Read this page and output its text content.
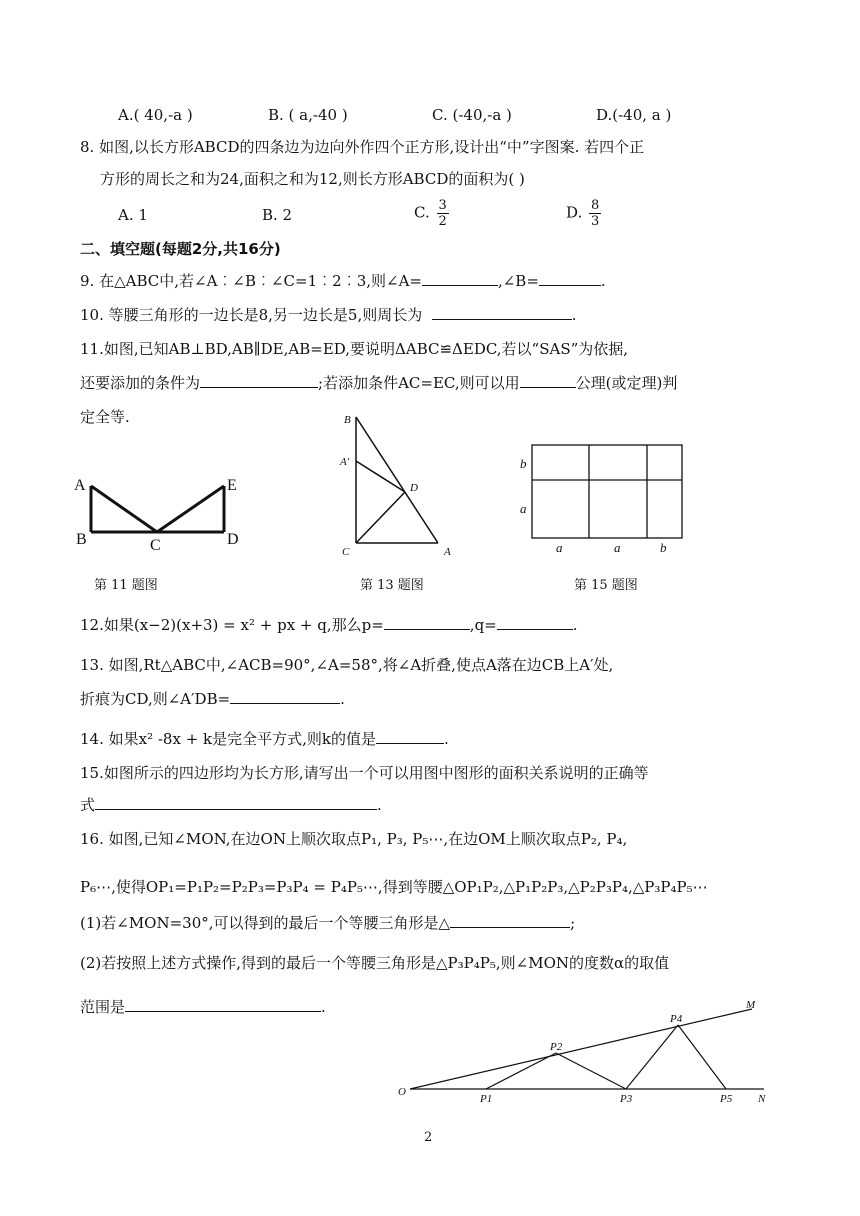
A.( 40,-a )	B. ( a,-40 )	C. (-40,-a )	D.(-40, a )
8. 如图,以长方形ABCD的四条边为边向外作四个正方形,设计出“中”字图案. 若四个正
方形的周长之和为24,面积之和为12,则长方形ABCD的面积为( )
A. 1	B. 2	C. $\frac{3}{2}$	D. $\frac{8}{3}$
二、填空题(每题2分,共16分)
9. 在△ABC中,若∠A︰∠B︰∠C=1︰2︰3,则∠A=	,∠B=	.
10. 等腰三角形的一边长是8,另一边长是5,则周长为	.
11.如图,已知AB⊥BD,AB∥DE,AB=ED,要说明ΔABC≌ΔEDC,若以“SAS”为依据,
还要添加的条件为	;若添加条件AC=EC,则可以用	公理(或定理)判
定全等.
A
B	C	D
E
第 11 题图
B
A'
D
C	A
第 13 题图
b
a
a	a	b
第 15 题图
12.如果(x−2)(x+3) = x² + px + q,那么p=	,q=	.
13. 如图,Rt△ABC中,∠ACB=90°,∠A=58°,将∠A折叠,使点A落在边CB上A′处,
折痕为CD,则∠A′DB=	.
14. 如果x² -8x + k是完全平方式,则k的值是	.
15.如图所示的四边形均为长方形,请写出一个可以用图中图形的面积关系说明的正确等
式	.
16. 如图,已知∠MON,在边ON上顺次取点P₁, P₃, P₅⋯,在边OM上顺次取点P₂, P₄,
P₆⋯,使得OP₁=P₁P₂=P₂P₃=P₃P₄ = P₄P₅⋯,得到等腰△OP₁P₂,△P₁P₂P₃,△P₂P₃P₄,△P₃P₄P₅⋯
(1)若∠MON=30°,可以得到的最后一个等腰三角形是△	;
(2)若按照上述方式操作,得到的最后一个等腰三角形是△P₃P₄P₅,则∠MON的度数α的取值
范围是	.	M
O
P1
P2
P3
P4
P5 N
2
